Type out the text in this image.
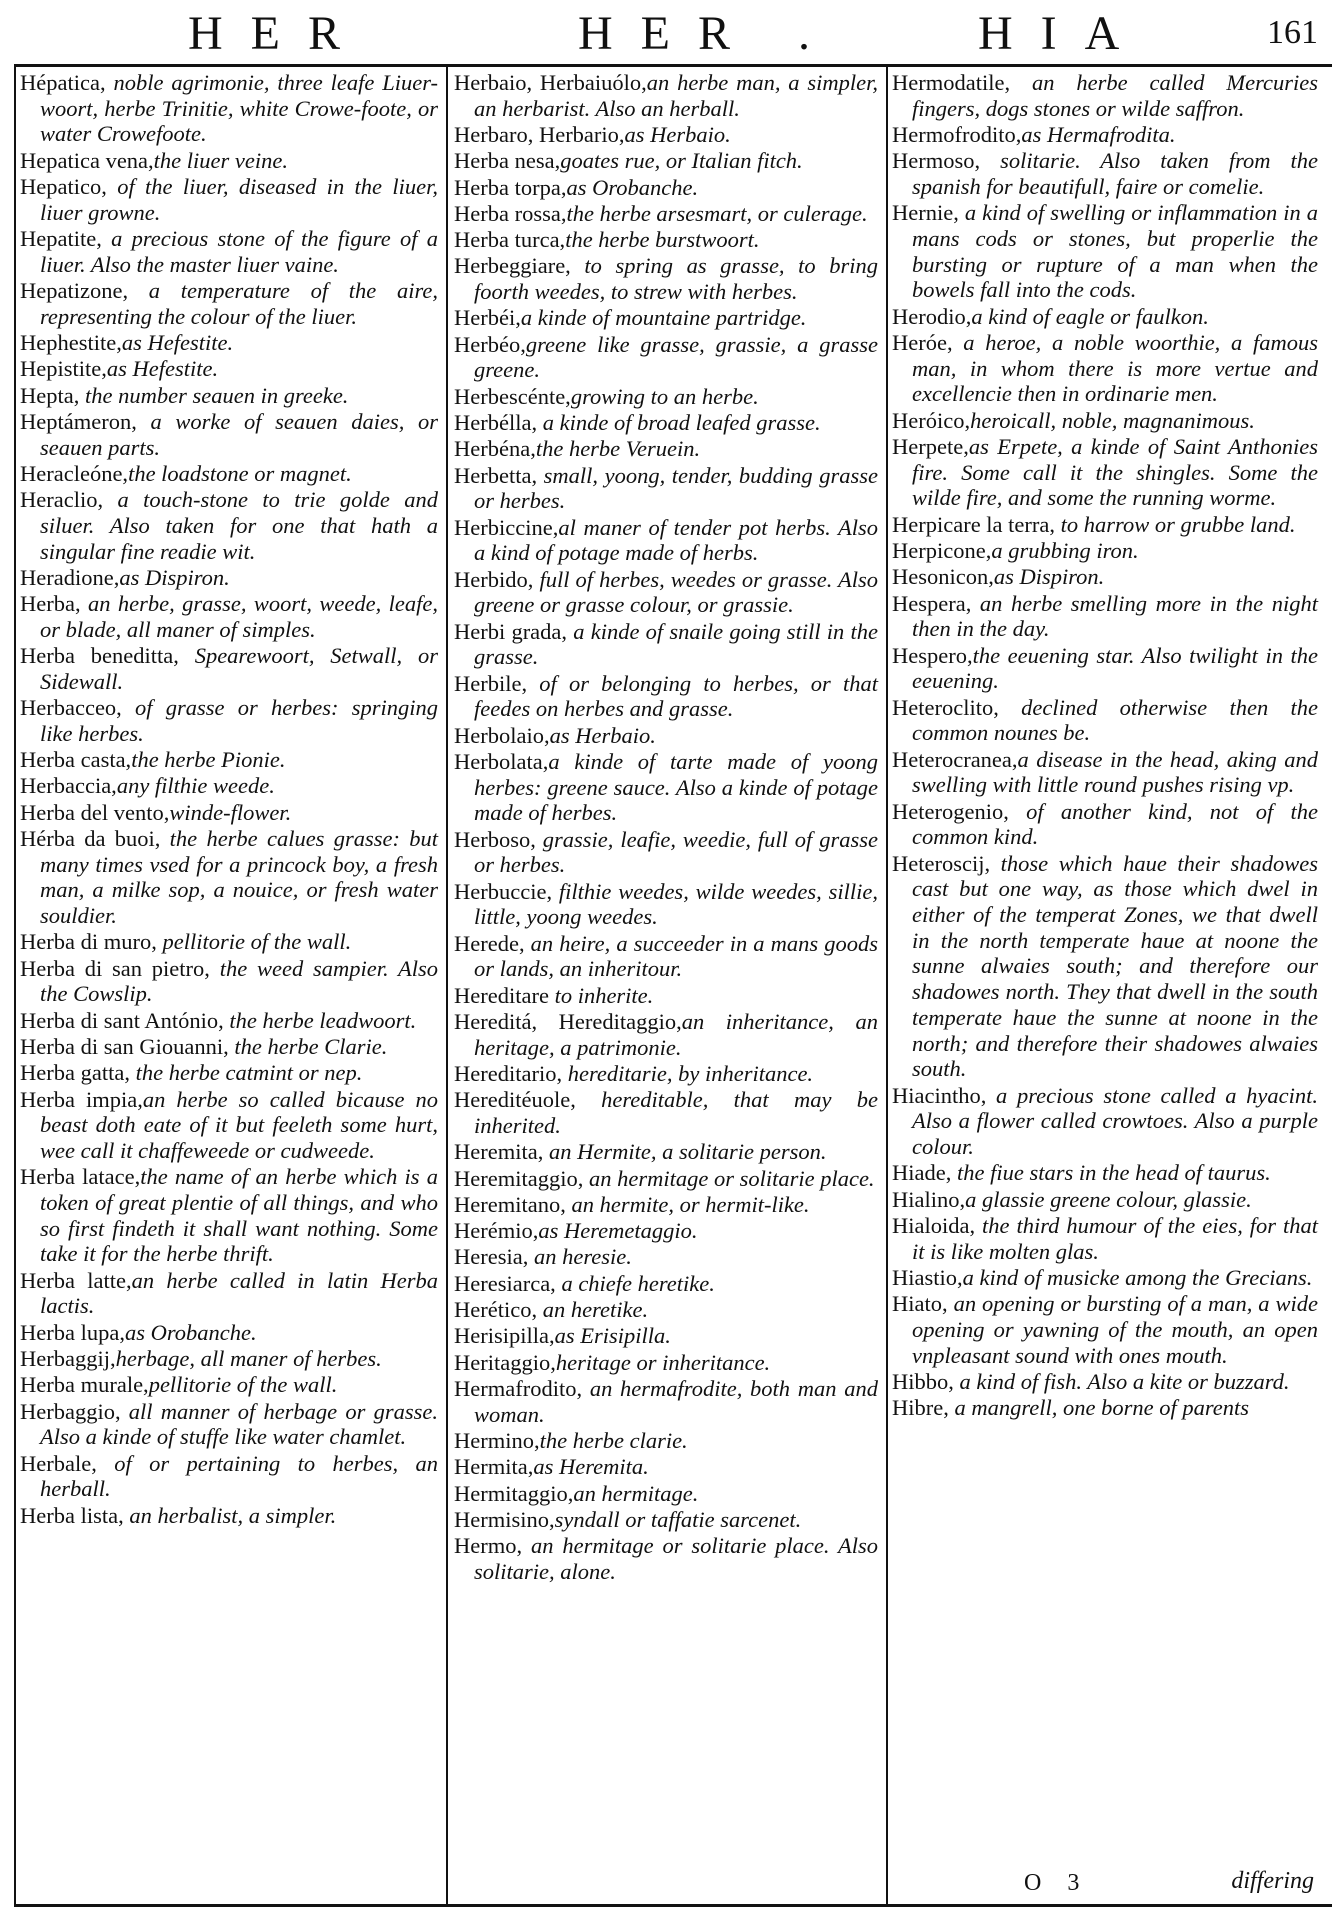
HER	HER .	HIA	161

Hépatica, noble agrimonie, three leafe Liuer-woort, herbe Trinitie, white Crowe-foote, or water Crowefoote.

Hepatica vena,the liuer veine.

Hepatico, of the liuer, diseased in the liuer, liuer growne.

Hepatite, a precious stone of the figure of a liuer. Also the master liuer vaine.

Hepatizone, a temperature of the aire, representing the colour of the liuer.

Hephestite,as Hefestite.

Hepistite,as Hefestite.

Hepta, the number seauen in greeke.

Heptámeron, a worke of seauen daies, or seauen parts.

Heracleóne,the loadstone or magnet.

Heraclio, a touch-stone to trie golde and siluer. Also taken for one that hath a singular fine readie wit.

Heradione,as Dispiron.

Herba, an herbe, grasse, woort, weede, leafe, or blade, all maner of simples.

Herba beneditta, Spearewoort, Setwall, or Sidewall.

Herbacceo, of grasse or herbes: springing like herbes.

Herba casta,the herbe Pionie.

Herbaccia,any filthie weede.

Herba del vento,winde-flower.

Hérba da buoi, the herbe calues grasse: but many times vsed for a princock boy, a fresh man, a milke sop, a nouice, or fresh water souldier.

Herba di muro, pellitorie of the wall.

Herba di san pietro, the weed sampier. Also the Cowslip.

Herba di sant António, the herbe leadwoort.

Herba di san Giouanni, the herbe Clarie.

Herba gatta, the herbe catmint or nep.

Herba impia,an herbe so called bicause no beast doth eate of it but feeleth some hurt, wee call it chaffeweede or cudweede.

Herba latace,the name of an herbe which is a token of great plentie of all things, and who so first findeth it shall want nothing. Some take it for the herbe thrift.

Herba latte,an herbe called in latin Herba lactis.

Herba lupa,as Orobanche.

Herbaggij,herbage, all maner of herbes.

Herba murale,pellitorie of the wall.

Herbaggio, all manner of herbage or grasse. Also a kinde of stuffe like water chamlet.

Herbale, of or pertaining to herbes, an herball.

Herba lista, an herbalist, a simpler.

Herbaio, Herbaiuólo,an herbe man, a simpler, an herbarist. Also an herball.

Herbaro, Herbario,as Herbaio.

Herba nesa,goates rue, or Italian fitch.

Herba torpa,as Orobanche.

Herba rossa,the herbe arsesmart, or culerage.

Herba turca,the herbe burstwoort.

Herbeggiare, to spring as grasse, to bring foorth weedes, to strew with herbes.

Herbéi,a kinde of mountaine partridge.

Herbéo,greene like grasse, grassie, a grasse greene.

Herbescénte,growing to an herbe.

Herbélla, a kinde of broad leafed grasse.

Herbéna,the herbe Veruein.

Herbetta, small, yoong, tender, budding grasse or herbes.

Herbiccine,al maner of tender pot herbs. Also a kind of potage made of herbs.

Herbido, full of herbes, weedes or grasse. Also greene or grasse colour, or grassie.

Herbi grada, a kinde of snaile going still in the grasse.

Herbile, of or belonging to herbes, or that feedes on herbes and grasse.

Herbolaio,as Herbaio.

Herbolata,a kinde of tarte made of yoong herbes: greene sauce. Also a kinde of potage made of herbes.

Herboso, grassie, leafie, weedie, full of grasse or herbes.

Herbuccie, filthie weedes, wilde weedes, sillie, little, yoong weedes.

Herede, an heire, a succeeder in a mans goods or lands, an inheritour.

Hereditare to inherite.

Hereditá, Hereditaggio,an inheritance, an heritage, a patrimonie.

Hereditario, hereditarie, by inheritance.

Hereditéuole, hereditable, that may be inherited.

Heremita, an Hermite, a solitarie person.

Heremitaggio, an hermitage or solitarie place.

Heremitano, an hermite, or hermit-like.

Herémio,as Heremetaggio.

Heresia, an heresie.

Heresiarca, a chiefe heretike.

Herético, an heretike.

Herisipilla,as Erisipilla.

Heritaggio,heritage or inheritance.

Hermafrodito, an hermafrodite, both man and woman.

Hermino,the herbe clarie.

Hermita,as Heremita.

Hermitaggio,an hermitage.

Hermisino,syndall or taffatie sarcenet.

Hermo, an hermitage or solitarie place. Also solitarie, alone.

Hermodatile, an herbe called Mercuries fingers, dogs stones or wilde saffron.

Hermofrodito,as Hermafrodita.

Hermoso, solitarie. Also taken from the spanish for beautifull, faire or comelie.

Hernie, a kind of swelling or inflammation in a mans cods or stones, but properlie the bursting or rupture of a man when the bowels fall into the cods.

Herodio,a kind of eagle or faulkon.

Heróe, a heroe, a noble woorthie, a famous man, in whom there is more vertue and excellencie then in ordinarie men.

Heróico,heroicall, noble, magnanimous.

Herpete,as Erpete, a kinde of Saint Anthonies fire. Some call it the shingles. Some the wilde fire, and some the running worme.

Herpicare la terra, to harrow or grubbe land.

Herpicone,a grubbing iron.

Hesonicon,as Dispiron.

Hespera, an herbe smelling more in the night then in the day.

Hespero,the eeuening star. Also twilight in the eeuening.

Heteroclito, declined otherwise then the common nounes be.

Heterocranea,a disease in the head, aking and swelling with little round pushes rising vp.

Heterogenio, of another kind, not of the common kind.

Heteroscij, those which haue their shadowes cast but one way, as those which dwel in either of the temperat Zones, we that dwell in the north temperate haue at noone the sunne alwaies south; and therefore our shadowes north. They that dwell in the south temperate haue the sunne at noone in the north; and therefore their shadowes alwaies south.

Hiacintho, a precious stone called a hyacint. Also a flower called crowtoes. Also a purple colour.

Hiade, the fiue stars in the head of taurus.

Hialino,a glassie greene colour, glassie.

Hialoida, the third humour of the eies, for that it is like molten glas.

Hiastio,a kind of musicke among the Grecians.

Hiato, an opening or bursting of a man, a wide opening or yawning of the mouth, an open vnpleasant sound with ones mouth.

Hibbo, a kind of fish. Also a kite or buzzard.

Hibre, a mangrell, one borne of parents

O 3	differing
